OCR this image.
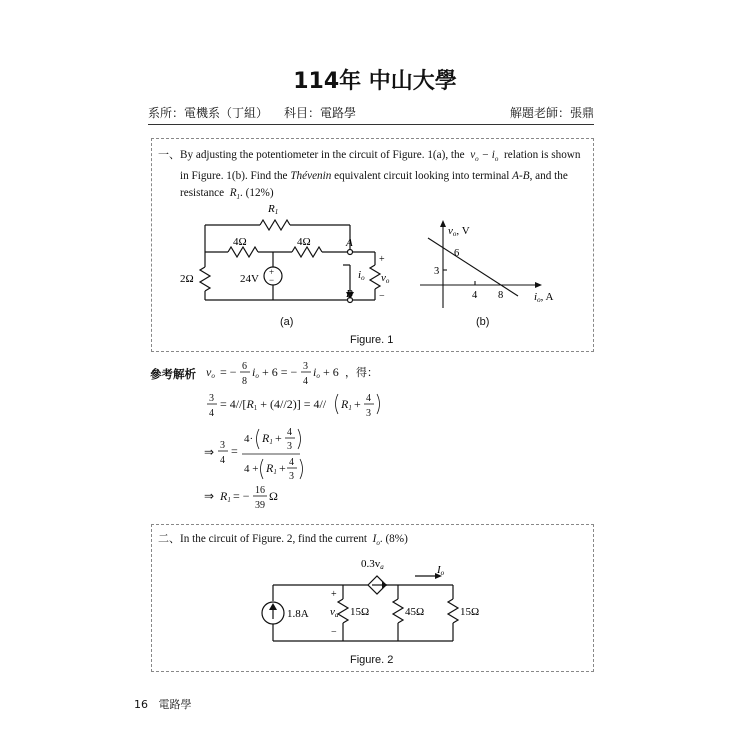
114年 中山大學
系所：電機系（丁組） 科目：電路學	解題老師：張鼎
一、By adjusting the potentiometer in the circuit of Figure. 1(a), the $v_o - i_o$ relation is shown
in Figure. 1(b). Find the Thévenin equivalent circuit looking into terminal A-B, and the
resistance $R_1$. (12%)
R1
4Ω	4Ω
2Ω	24V
+
−
A
B
+
−
io vo
vo, V
6
3
4 8	io, A
(a)	(b)
Figure. 1
參考解析 vo = − 6
8
io + 6 = − 3
4
io + 6 ，得：
3
4
= 4//[R1 + (4//2)] = 4// R1 + 4
3
⇒ 3
4
=
4· R1 + 4
3
4 + R1 + 4
3
⇒ R1 = − 16
39
Ω
二、In the circuit of Figure. 2, find the current $I_o$. (8%)
0.3va	Io
1.8A	15Ω	45Ω	15Ω
va
+
−
Figure. 2
16 電路學
